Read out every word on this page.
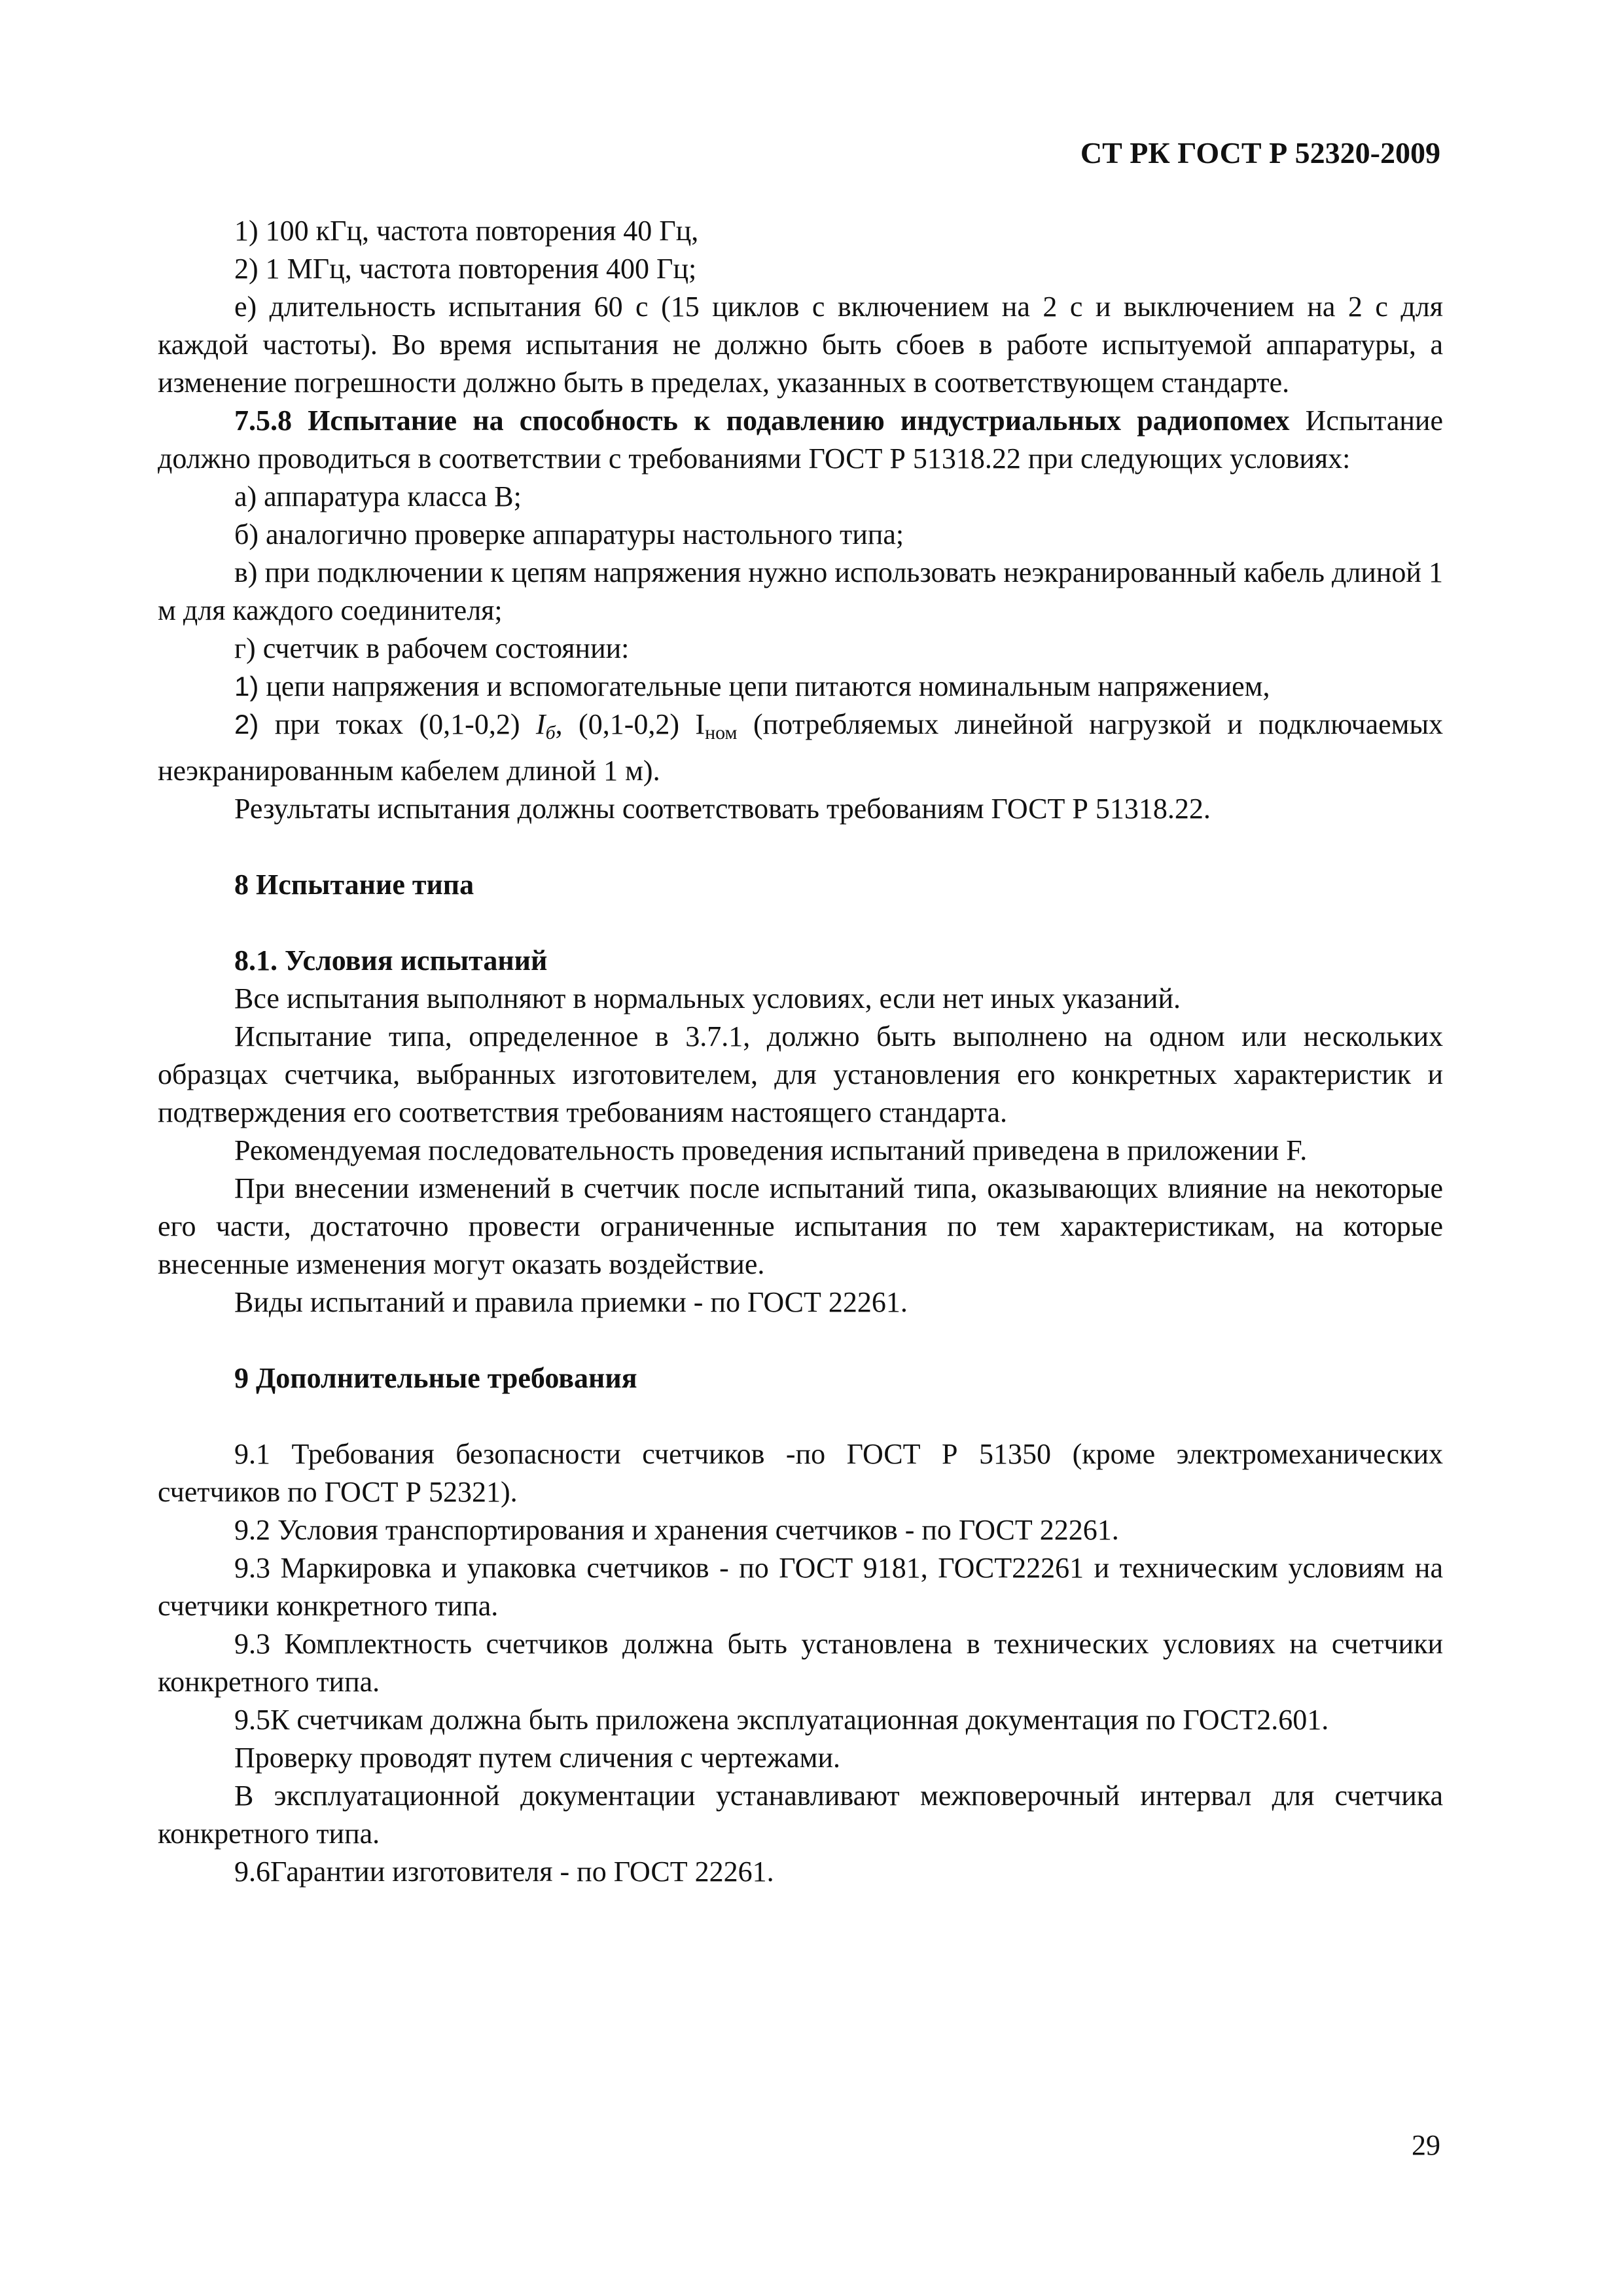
СТ РК ГОСТ Р 52320-2009

1) 100 кГц, частота повторения 40 Гц,

2) 1 МГц, частота повторения 400 Гц;

е) длительность испытания 60 с (15 циклов с включением на 2 с и выключением на 2 с для каждой частоты). Во время испытания не должно быть сбоев в работе испытуемой аппаратуры, а изменение погрешности должно быть в пределах, указанных в соответствующем стандарте.

7.5.8 Испытание на способность к подавлению индустриальных радиопомех Испытание должно проводиться в соответствии с требованиями ГОСТ Р 51318.22 при следующих условиях:

а) аппаратура класса В;

б) аналогично проверке аппаратуры настольного типа;

в) при подключении к цепям напряжения нужно использовать неэкранированный кабель длиной 1 м для каждого соединителя;

г) счетчик в рабочем состоянии:

1) цепи напряжения и вспомогательные цепи питаются номинальным напряжением,

2) при токах (0,1-0,2) $I_б$, (0,1-0,2) $I_{ном}$ (потребляемых линейной нагрузкой и подключаемых неэкранированным кабелем длиной 1 м).

Результаты испытания должны соответствовать требованиям ГОСТ Р 51318.22.

8 Испытание типа

8.1. Условия испытаний

Все испытания выполняют в нормальных условиях, если нет иных указаний.

Испытание типа, определенное в 3.7.1, должно быть выполнено на одном или нескольких образцах счетчика, выбранных изготовителем, для установления его конкретных характеристик и подтверждения его соответствия требованиям настоящего стандарта.

Рекомендуемая последовательность проведения испытаний приведена в приложении F.

При внесении изменений в счетчик после испытаний типа, оказывающих влияние на некоторые его части, достаточно провести ограниченные испытания по тем характеристикам, на которые внесенные изменения могут оказать воздействие.

Виды испытаний и правила приемки - по ГОСТ 22261.

9 Дополнительные требования

9.1 Требования безопасности счетчиков -по ГОСТ Р 51350 (кроме электромеханических счетчиков по ГОСТ Р 52321).

9.2 Условия транспортирования и хранения счетчиков - по ГОСТ 22261.

9.3 Маркировка и упаковка счетчиков - по ГОСТ 9181, ГОСТ22261 и техническим условиям на счетчики конкретного типа.

9.3 Комплектность счетчиков должна быть установлена в технических условиях на счетчики конкретного типа.

9.5К счетчикам должна быть приложена эксплуатационная документация по ГОСТ2.601.

Проверку проводят путем сличения с чертежами.

В эксплуатационной документации устанавливают межповерочный интервал для счетчика конкретного типа.

9.6Гарантии изготовителя - по ГОСТ 22261.

29
